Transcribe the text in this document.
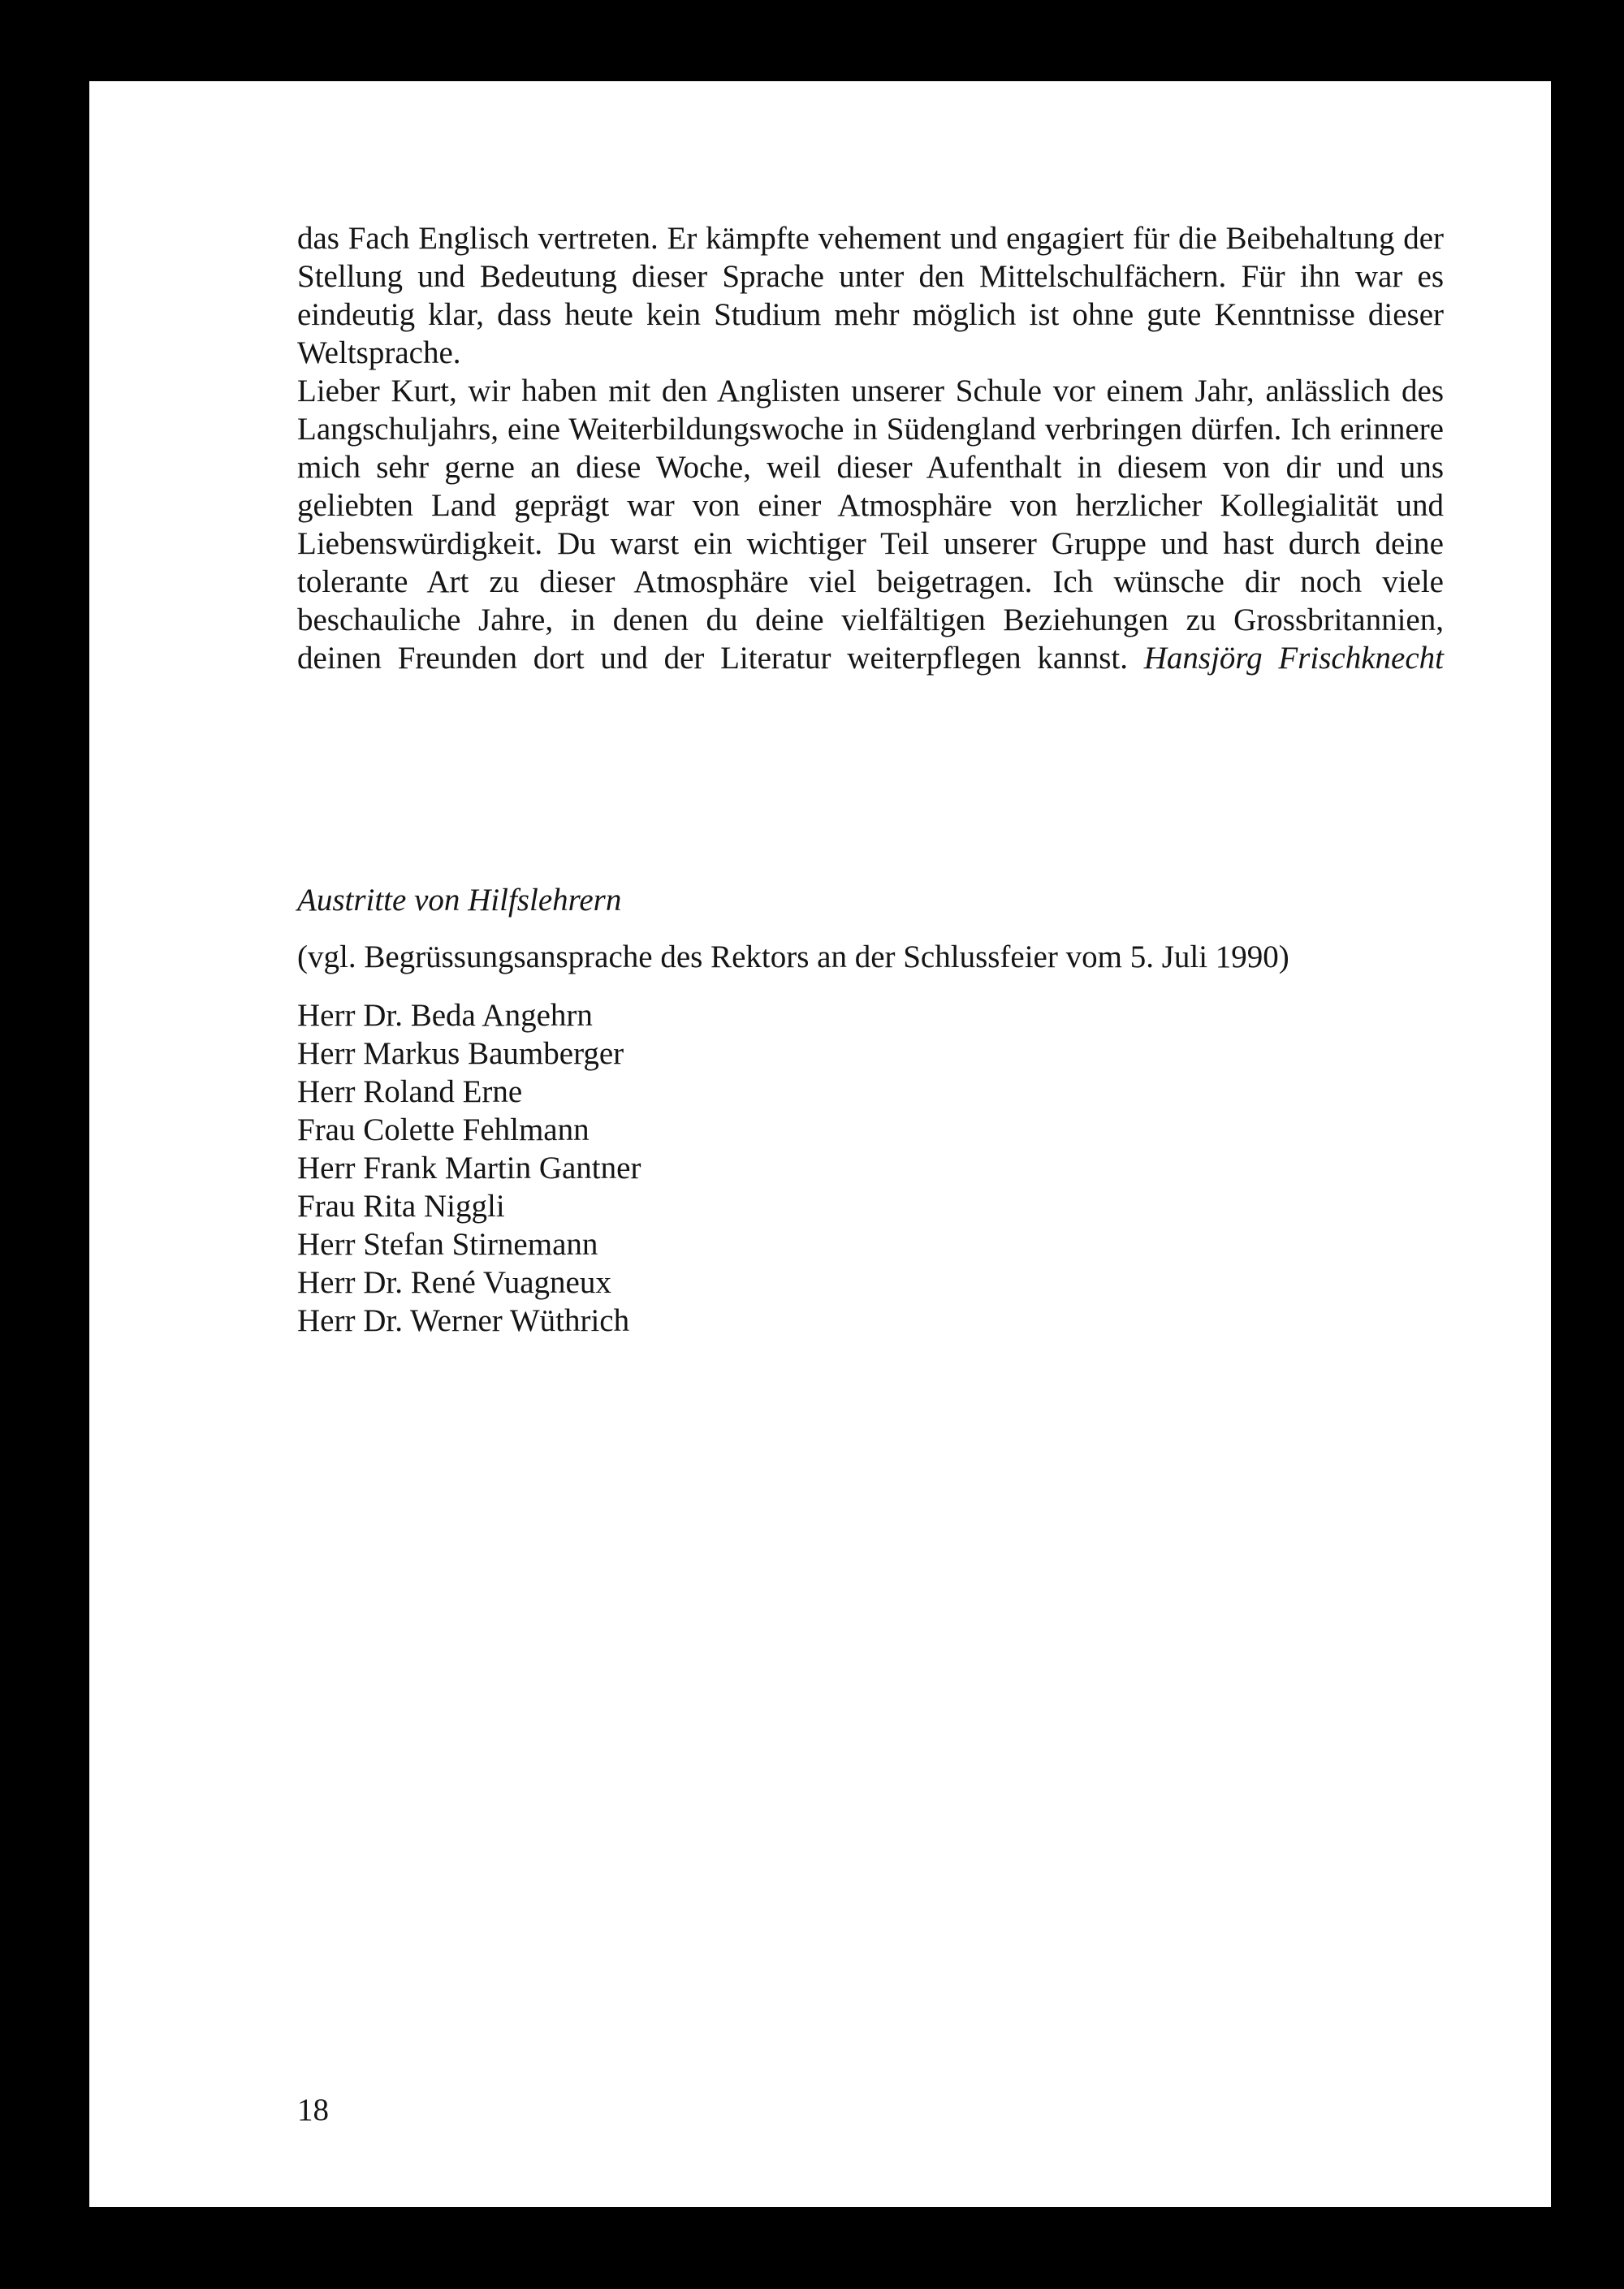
das Fach Englisch vertreten. Er kämpfte vehement und engagiert für die Beibehaltung der Stellung und Bedeutung dieser Sprache unter den Mittelschulfächern. Für ihn war es eindeutig klar, dass heute kein Studium mehr möglich ist ohne gute Kenntnisse dieser Weltsprache.

Lieber Kurt, wir haben mit den Anglisten unserer Schule vor einem Jahr, anlässlich des Langschuljahrs, eine Weiterbildungswoche in Südengland verbringen dürfen. Ich erinnere mich sehr gerne an diese Woche, weil dieser Aufenthalt in diesem von dir und uns geliebten Land geprägt war von einer Atmosphäre von herzlicher Kollegialität und Liebenswürdigkeit. Du warst ein wichtiger Teil unserer Gruppe und hast durch deine tolerante Art zu dieser Atmosphäre viel beigetragen. Ich wünsche dir noch viele beschauliche Jahre, in denen du deine vielfältigen Beziehungen zu Grossbritannien, deinen Freunden dort und der Literatur weiterpflegen kannst. Hansjörg Frischknecht

Austritte von Hilfslehrern
(vgl. Begrüssungsansprache des Rektors an der Schlussfeier vom 5. Juli 1990)
Herr Dr. Beda Angehrn
Herr Markus Baumberger
Herr Roland Erne
Frau Colette Fehlmann
Herr Frank Martin Gantner
Frau Rita Niggli
Herr Stefan Stirnemann
Herr Dr. René Vuagneux
Herr Dr. Werner Wüthrich
18
